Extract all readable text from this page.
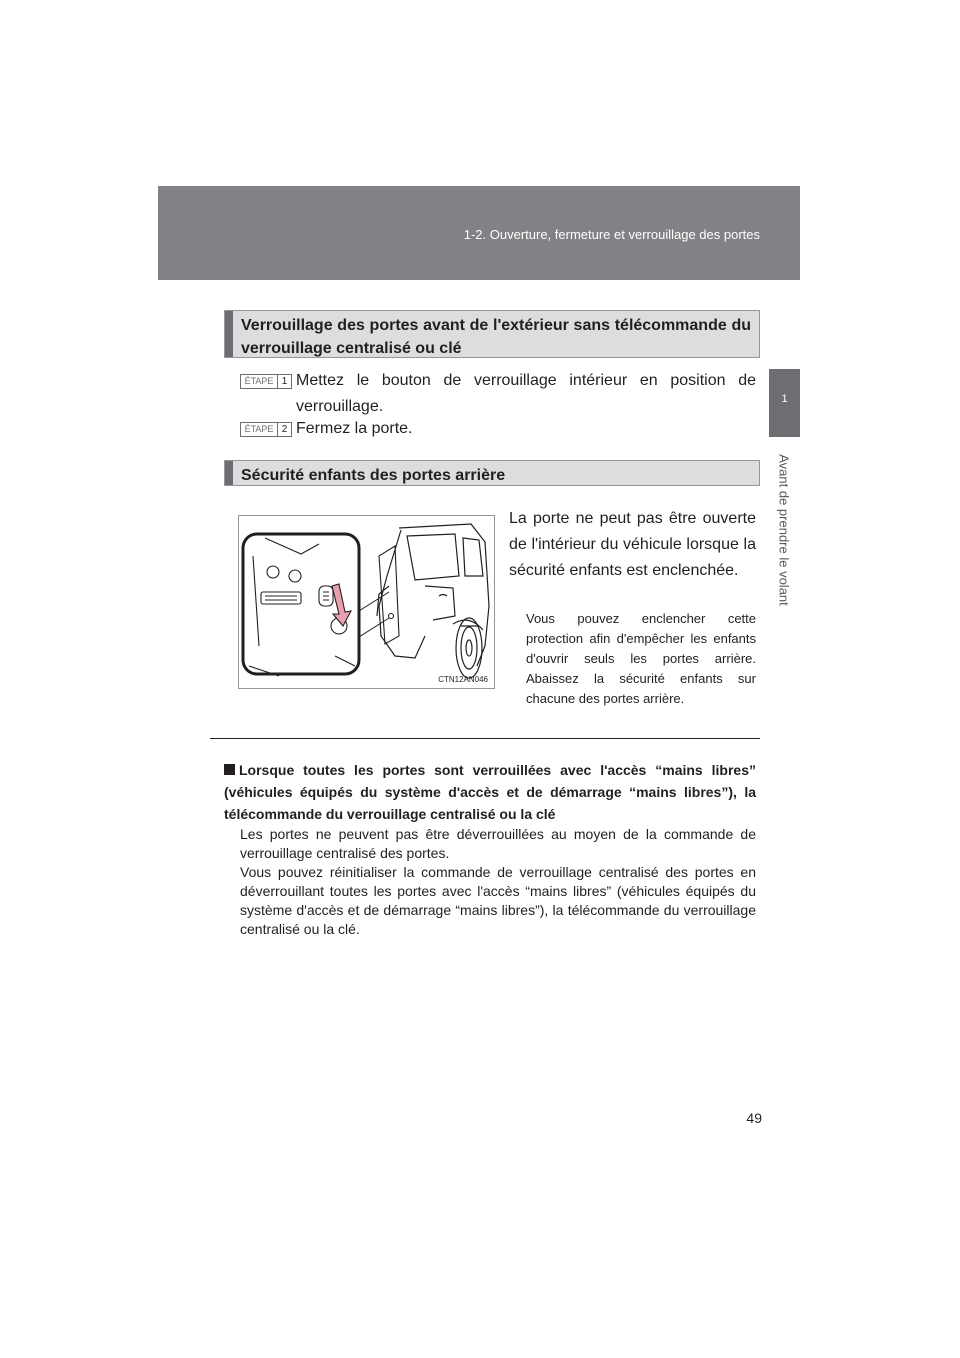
1-2. Ouverture, fermeture et verrouillage des portes
1
Avant de prendre le volant
Verrouillage des portes avant de l'extérieur sans télécommande du verrouillage centralisé ou clé
ÉTAPE 1 Mettez le bouton de verrouillage intérieur en position de verrouillage.
ÉTAPE 2 Fermez la porte.
Sécurité enfants des portes arrière
CTN12AN046
La porte ne peut pas être ouverte de l'intérieur du véhicule lorsque la sécurité enfants est enclenchée.
Vous pouvez enclencher cette protection afin d'empêcher les enfants d'ouvrir seuls les portes arrière. Abaissez la sécurité enfants sur chacune des portes arrière.
Lorsque toutes les portes sont verrouillées avec l'accès “mains libres” (véhicules équipés du système d'accès et de démarrage “mains libres”), la télécommande du verrouillage centralisé ou la clé

Les portes ne peuvent pas être déverrouillées au moyen de la commande de verrouillage centralisé des portes.

Vous pouvez réinitialiser la commande de verrouillage centralisé des portes en déverrouillant toutes les portes avec l'accès “mains libres” (véhicules équipés du système d'accès et de démarrage “mains libres”), la télécommande du verrouillage centralisé ou la clé.

49
